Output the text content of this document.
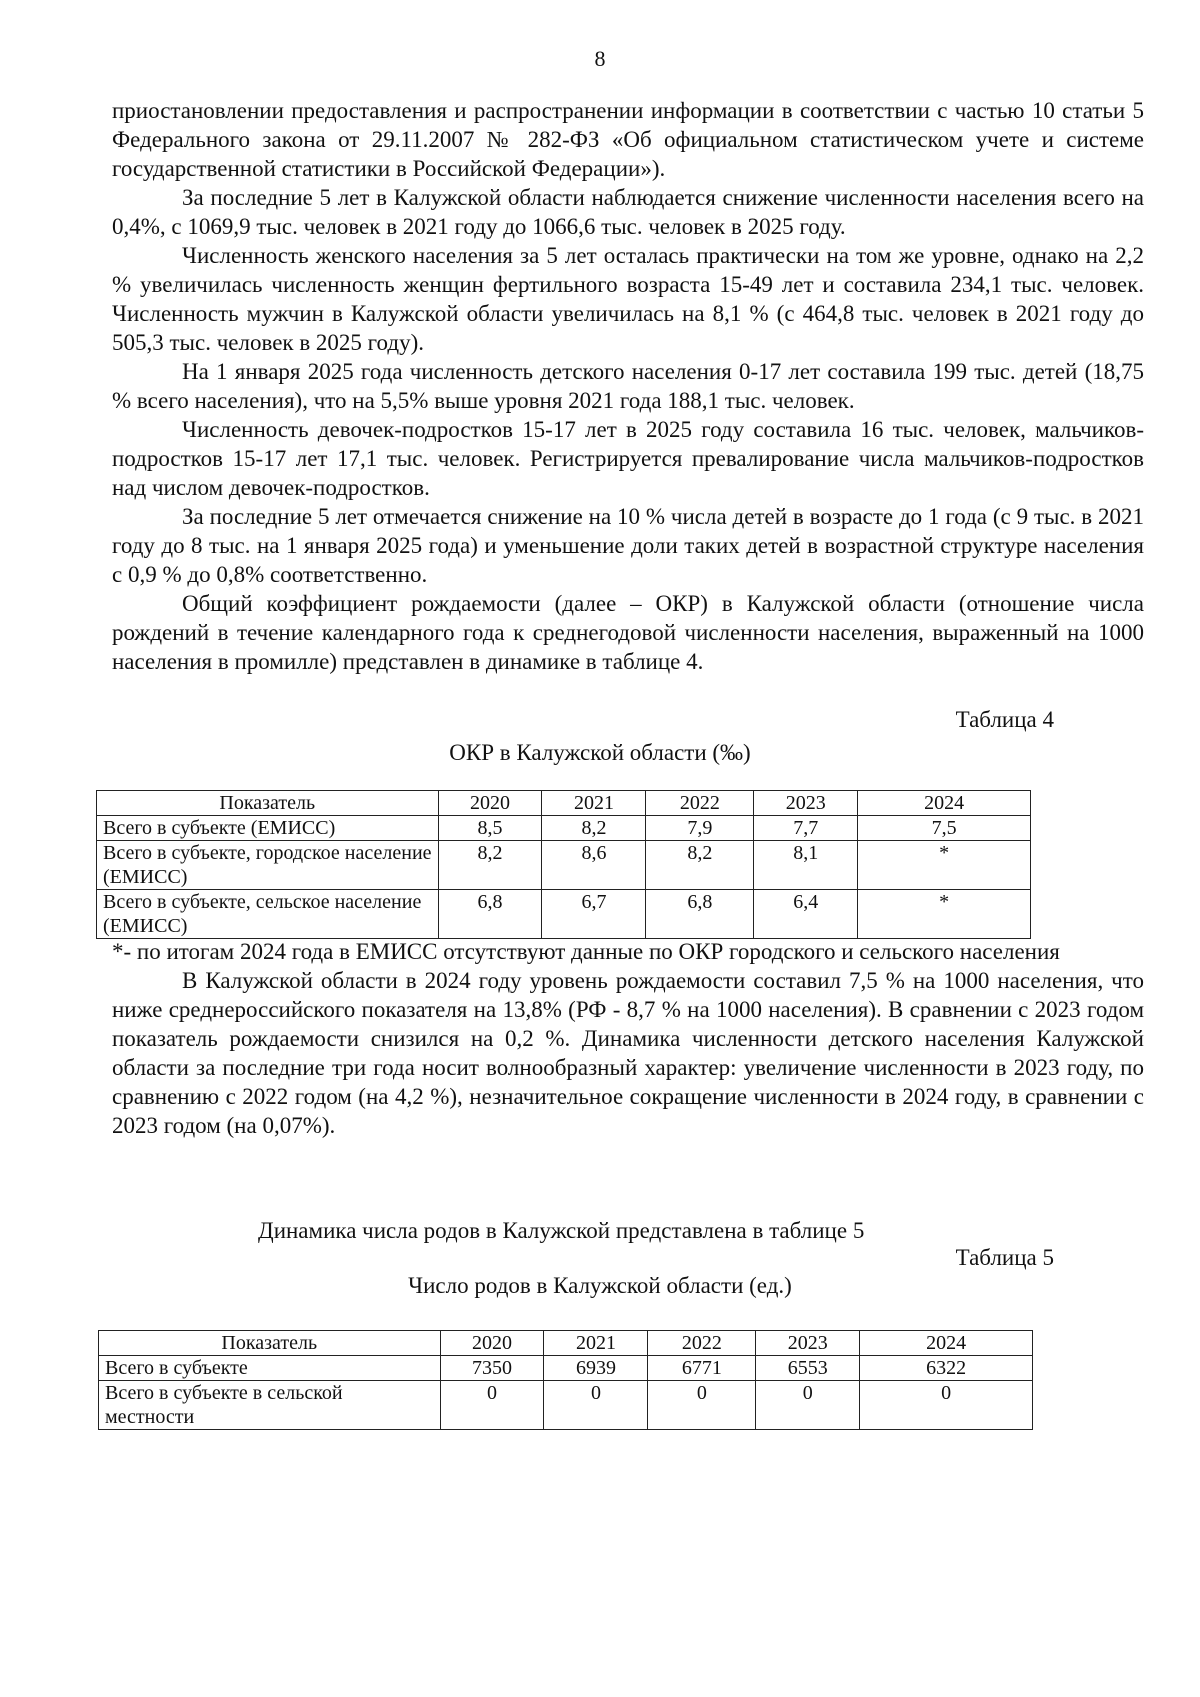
8

приостановлении предоставления и распространении информации в соответствии с частью 10 статьи 5 Федерального закона от 29.11.2007 № 282-ФЗ «Об официальном статистическом учете и системе государственной статистики в Российской Федерации»).

За последние 5 лет в Калужской области наблюдается снижение численности населения всего на 0,4%, с 1069,9 тыс. человек в 2021 году до 1066,6 тыс. человек в 2025 году.

Численность женского населения за 5 лет осталась практически на том же уровне, однако на 2,2 % увеличилась численность женщин фертильного возраста 15-49 лет и составила 234,1 тыс. человек. Численность мужчин в Калужской области увеличилась на 8,1 % (с 464,8 тыс. человек в 2021 году до 505,3 тыс. человек в 2025 году).

На 1 января 2025 года численность детского населения 0-17 лет составила 199 тыс. детей (18,75 % всего населения), что на 5,5% выше уровня 2021 года 188,1 тыс. человек.

Численность девочек-подростков 15-17 лет в 2025 году составила 16 тыс. человек, мальчиков-подростков 15-17 лет 17,1 тыс. человек. Регистрируется превалирование числа мальчиков-подростков над числом девочек-подростков.

За последние 5 лет отмечается снижение на 10 % числа детей в возрасте до 1 года (с 9 тыс. в 2021 году до 8 тыс. на 1 января 2025 года) и уменьшение доли таких детей в возрастной структуре населения с 0,9 % до 0,8% соответственно.

Общий коэффициент рождаемости (далее – ОКР) в Калужской области (отношение числа рождений в течение календарного года к среднегодовой численности населения, выраженный на 1000 населения в промилле) представлен в динамике в таблице 4.

Таблица 4
ОКР в Калужской области (‰)
Показатель	2020	2021	2022	2023	2024
Всего в субъекте (ЕМИСС)	8,5	8,2	7,9	7,7	7,5
Всего в субъекте, городское население (ЕМИСС)	8,2	8,6	8,2	8,1	*
Всего в субъекте, сельское население (ЕМИСС)	6,8	6,7	6,8	6,4	*

*- по итогам 2024 года в ЕМИСС отсутствуют данные по ОКР городского и сельского населения

В Калужской области в 2024 году уровень рождаемости составил 7,5 % на 1000 населения, что ниже среднероссийского показателя на 13,8% (РФ - 8,7 % на 1000 населения). В сравнении с 2023 годом показатель рождаемости снизился на 0,2 %. Динамика численности детского населения Калужской области за последние три года носит волнообразный характер: увеличение численности в 2023 году, по сравнению с 2022 годом (на 4,2 %), незначительное сокращение численности в 2024 году, в сравнении с 2023 годом (на 0,07%).

Динамика числа родов в Калужской представлена в таблице 5
Таблица 5
Число родов в Калужской области (ед.)
Показатель	2020	2021	2022	2023	2024
Всего в субъекте	7350	6939	6771	6553	6322
Всего в субъекте в сельской местности	0	0	0	0	0
